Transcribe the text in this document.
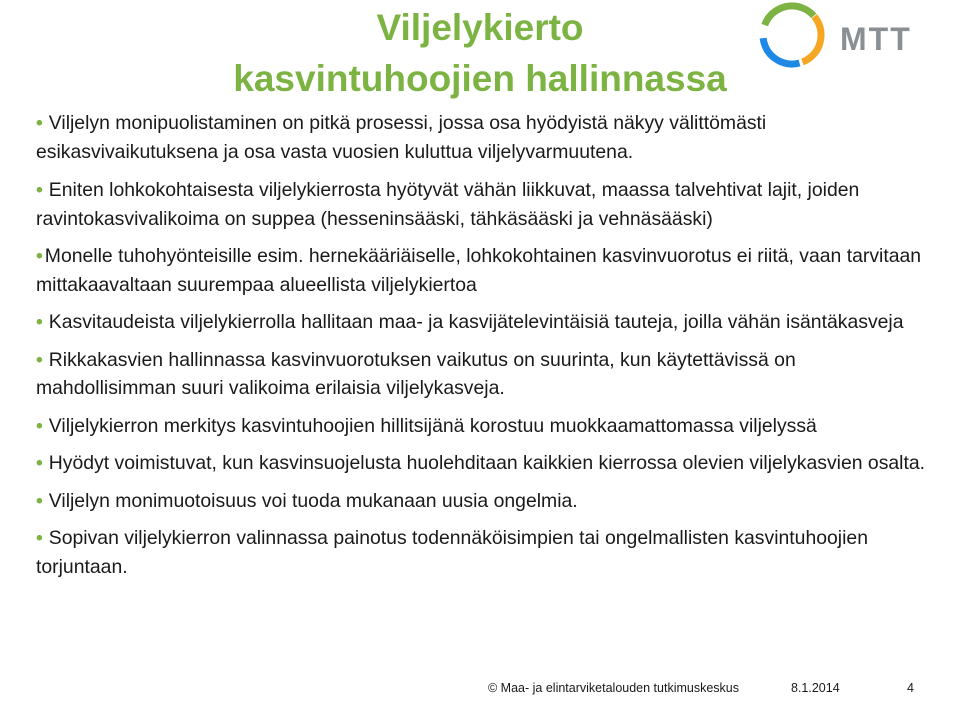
Viljelykierto
kasvintuhoojien hallinnassa
MTT

• Viljelyn monipuolistaminen on pitkä prosessi, jossa osa hyödyistä näkyy välittömästi esikasvivaikutuksena ja osa vasta vuosien kuluttua viljelyvarmuutena.

• Eniten lohkokohtaisesta viljelykierrosta hyötyvät vähän liikkuvat, maassa talvehtivat lajit, joiden ravintokasvivalikoima on suppea (hesseninsääski, tähkäsääski ja vehnäsääski)

• Monelle tuhohyönteisille esim. hernekääriäiselle, lohkokohtainen kasvinvuorotus ei riitä, vaan tarvitaan mittakaavaltaan suurempaa alueellista viljelykiertoa

• Kasvitaudeista viljelykierrolla hallitaan maa- ja kasvijätelevintäisiä tauteja, joilla vähän isäntäkasveja

• Rikkakasvien hallinnassa kasvinvuorotuksen vaikutus on suurinta, kun käytettävissä on mahdollisimman suuri valikoima erilaisia viljelykasveja.

• Viljelykierron merkitys kasvintuhoojien hillitsijänä korostuu muokkaamattomassa viljelyssä

• Hyödyt voimistuvat, kun kasvinsuojelusta huolehditaan kaikkien kierrossa olevien viljelykasvien osalta.

• Viljelyn monimuotoisuus voi tuoda mukanaan uusia ongelmia.

• Sopivan viljelykierron valinnassa painotus todennäköisimpien tai ongelmallisten kasvintuhoojien torjuntaan.

© Maa- ja elintarviketalouden tutkimuskeskus	8.1.2014	4
